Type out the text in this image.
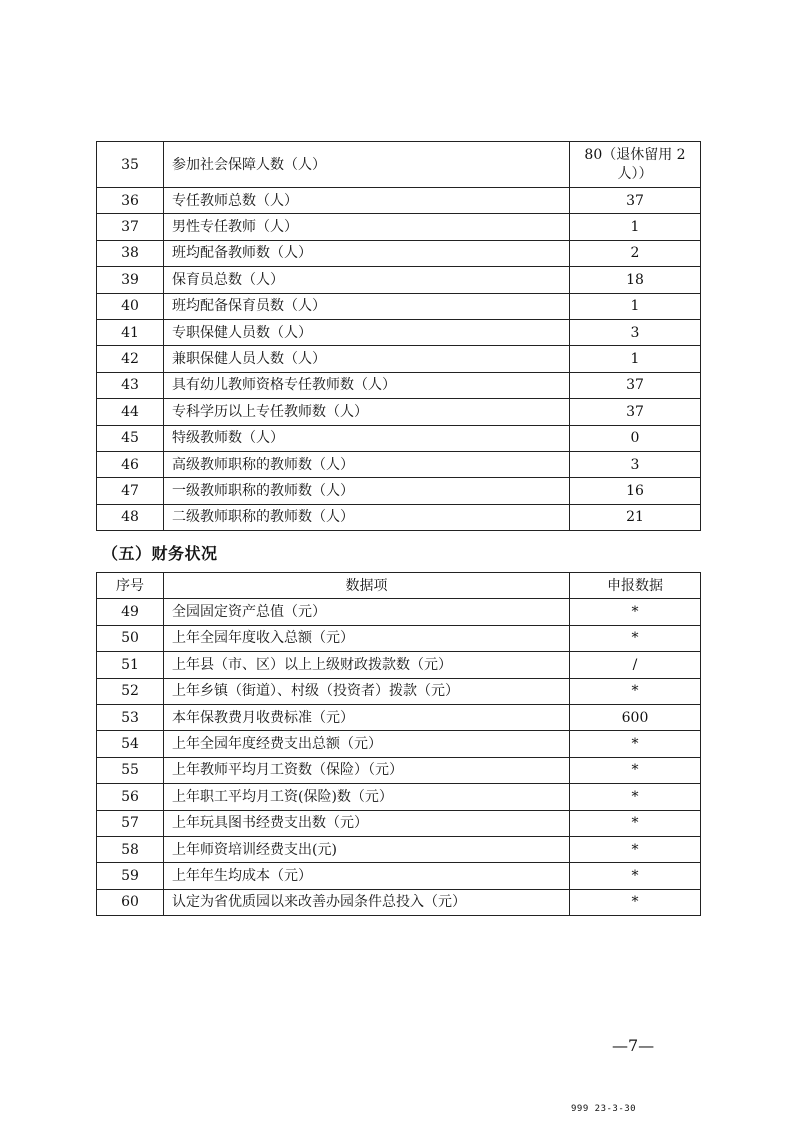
35	参加社会保障人数（人）	80（退休留用 2 人））
36	专任教师总数（人）	37
37	男性专任教师（人）	1
38	班均配备教师数（人）	2
39	保育员总数（人）	18
40	班均配备保育员数（人）	1
41	专职保健人员数（人）	3
42	兼职保健人员人数（人）	1
43	具有幼儿教师资格专任教师数（人）	37
44	专科学历以上专任教师数（人）	37
45	特级教师数（人）	0
46	高级教师职称的教师数（人）	3
47	一级教师职称的教师数（人）	16
48	二级教师职称的教师数（人）	21
（五）财务状况
序号	数据项	申报数据
49	全园固定资产总值（元）	*
50	上年全园年度收入总额（元）	*
51	上年县（市、区）以上上级财政拨款数（元）	/
52	上年乡镇（街道）、村级（投资者）拨款（元）	*
53	本年保教费月收费标准（元）	600
54	上年全园年度经费支出总额（元）	*
55	上年教师平均月工资数（保险）（元）	*
56	上年职工平均月工资(保险)数（元）	*
57	上年玩具图书经费支出数（元）	*
58	上年师资培训经费支出(元)	*
59	上年年生均成本（元）	*
60	认定为省优质园以来改善办园条件总投入（元）	*
—7—
999 23-3-30
